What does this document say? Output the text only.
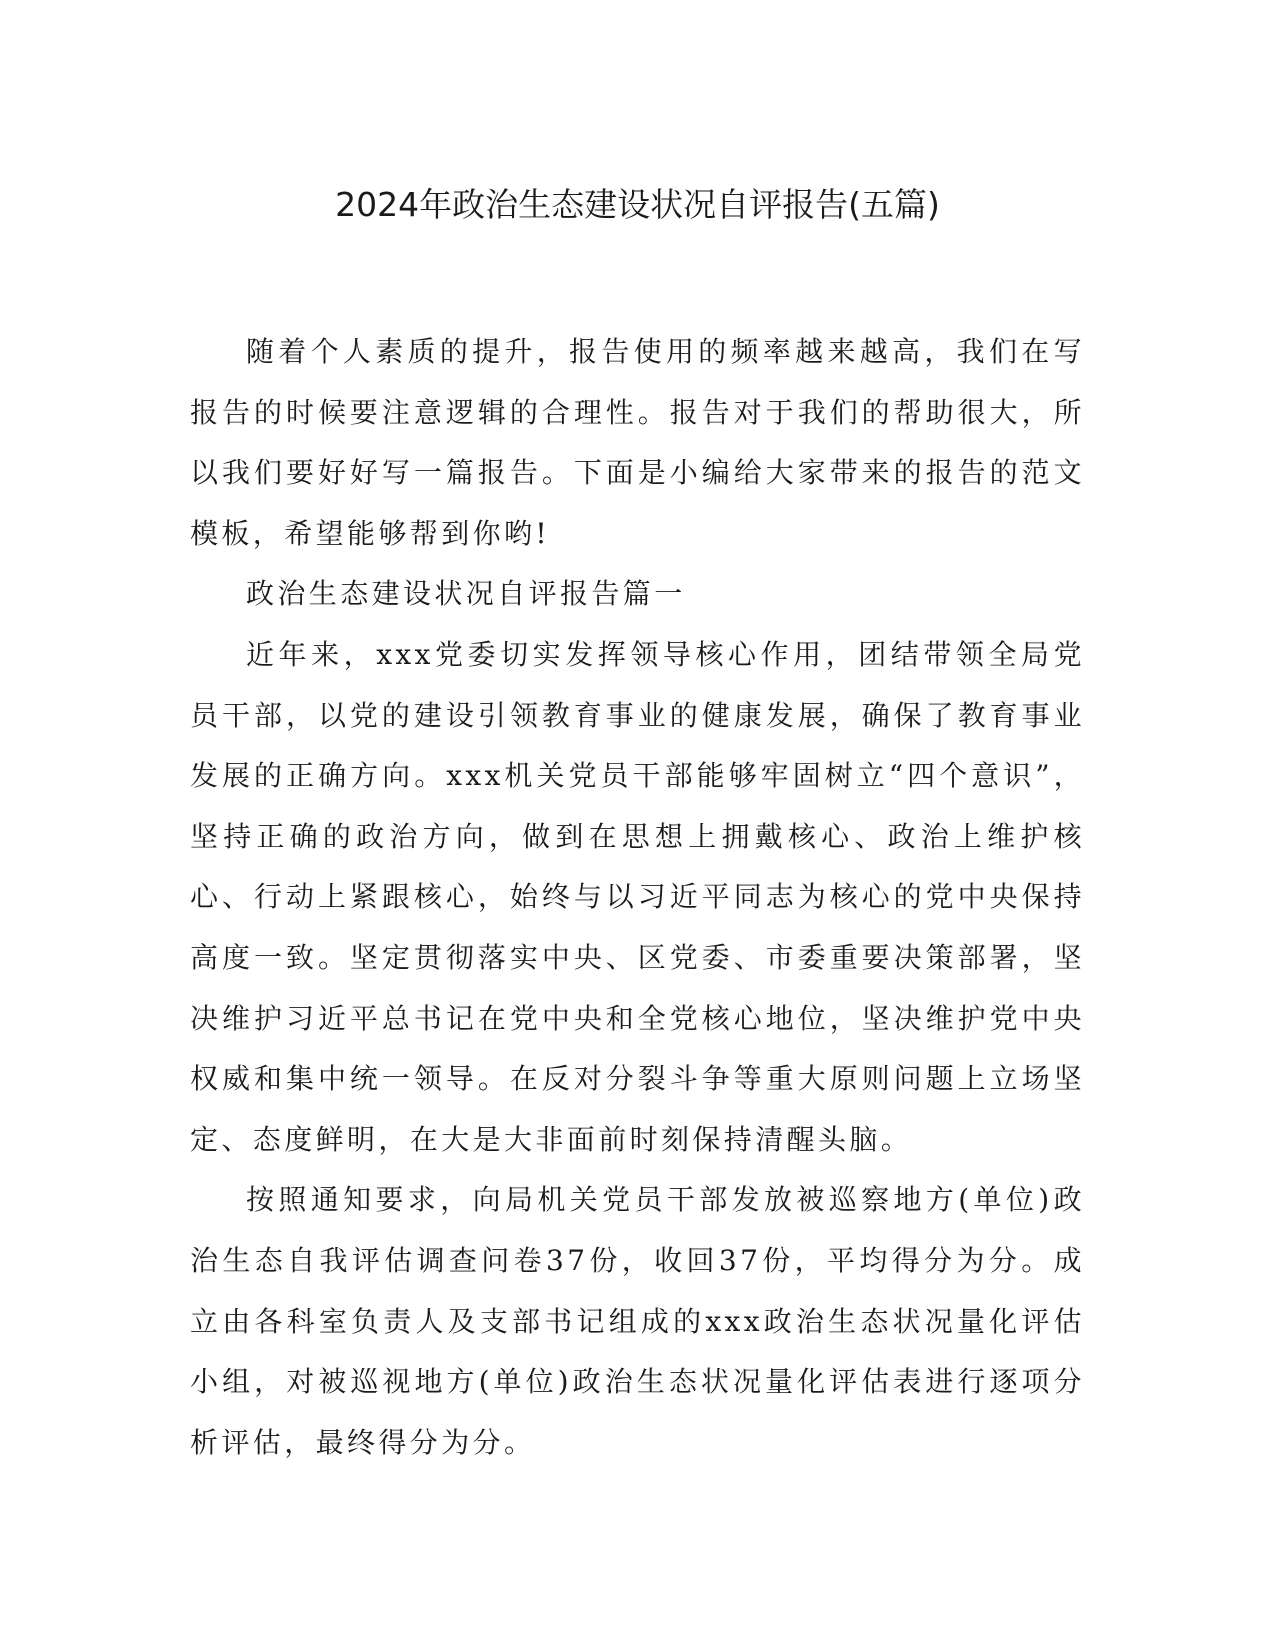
2024年政治生态建设状况自评报告(五篇)

随着个人素质的提升，报告使用的频率越来越高，我们在写报告的时候要注意逻辑的合理性。报告对于我们的帮助很大，所以我们要好好写一篇报告。下面是小编给大家带来的报告的范文模板，希望能够帮到你哟!

政治生态建设状况自评报告篇一

近年来，xxx党委切实发挥领导核心作用，团结带领全局党员干部，以党的建设引领教育事业的健康发展，确保了教育事业发展的正确方向。xxx机关党员干部能够牢固树立“四个意识”，坚持正确的政治方向，做到在思想上拥戴核心、政治上维护核心、行动上紧跟核心，始终与以习近平同志为核心的党中央保持高度一致。坚定贯彻落实中央、区党委、市委重要决策部署，坚决维护习近平总书记在党中央和全党核心地位，坚决维护党中央权威和集中统一领导。在反对分裂斗争等重大原则问题上立场坚定、态度鲜明，在大是大非面前时刻保持清醒头脑。

按照通知要求，向局机关党员干部发放被巡察地方(单位)政治生态自我评估调查问卷37份，收回37份，平均得分为分。成立由各科室负责人及支部书记组成的xxx政治生态状况量化评估小组，对被巡视地方(单位)政治生态状况量化评估表进行逐项分析评估，最终得分为分。
